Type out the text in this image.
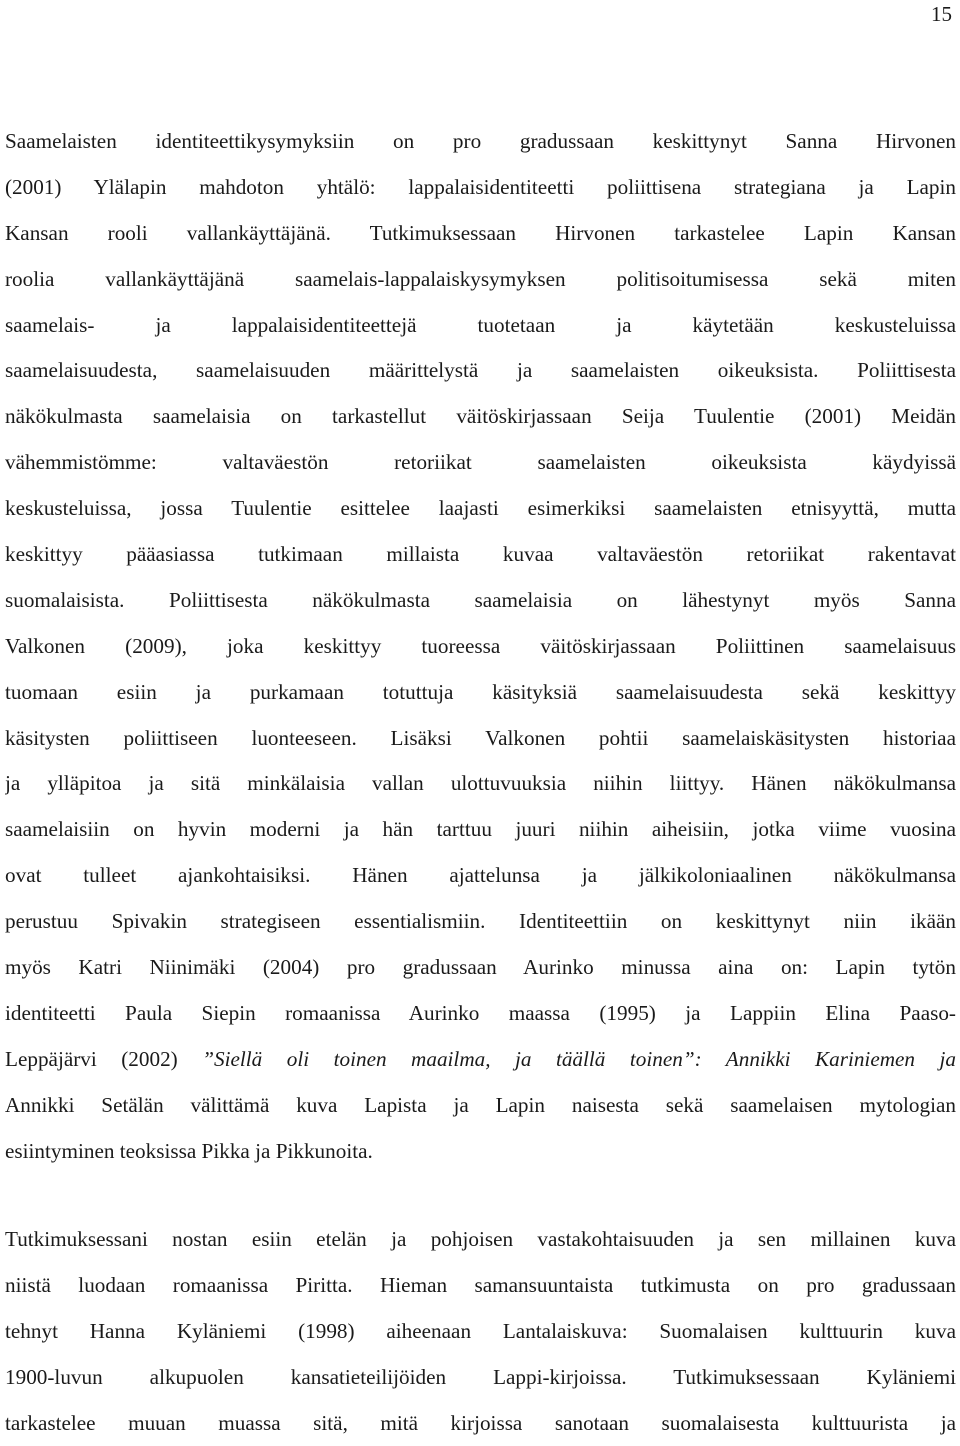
15
Saamelaisten identiteettikysymyksiin on pro gradussaan keskittynyt Sanna Hirvonen
(2001) Ylälapin mahdoton yhtälö: lappalaisidentiteetti poliittisena strategiana ja Lapin
Kansan rooli vallankäyttäjänä. Tutkimuksessaan Hirvonen tarkastelee Lapin Kansan
roolia vallankäyttäjänä saamelais-lappalaiskysymyksen politisoitumisessa sekä miten
saamelais- ja lappalaisidentiteettejä tuotetaan ja käytetään keskusteluissa
saamelaisuudesta, saamelaisuuden määrittelystä ja saamelaisten oikeuksista. Poliittisesta
näkökulmasta saamelaisia on tarkastellut väitöskirjassaan Seija Tuulentie (2001) Meidän
vähemmistömme: valtaväestön retoriikat saamelaisten oikeuksista käydyissä
keskusteluissa, jossa Tuulentie esittelee laajasti esimerkiksi saamelaisten etnisyyttä, mutta
keskittyy pääasiassa tutkimaan millaista kuvaa valtaväestön retoriikat rakentavat
suomalaisista. Poliittisesta näkökulmasta saamelaisia on lähestynyt myös Sanna
Valkonen (2009), joka keskittyy tuoreessa väitöskirjassaan Poliittinen saamelaisuus
tuomaan esiin ja purkamaan totuttuja käsityksiä saamelaisuudesta sekä keskittyy
käsitysten poliittiseen luonteeseen. Lisäksi Valkonen pohtii saamelaiskäsitysten historiaa
ja ylläpitoa ja sitä minkälaisia vallan ulottuvuuksia niihin liittyy. Hänen näkökulmansa
saamelaisiin on hyvin moderni ja hän tarttuu juuri niihin aiheisiin, jotka viime vuosina
ovat tulleet ajankohtaisiksi. Hänen ajattelunsa ja jälkikoloniaalinen näkökulmansa
perustuu Spivakin strategiseen essentialismiin. Identiteettiin on keskittynyt niin ikään
myös Katri Niinimäki (2004) pro gradussaan Aurinko minussa aina on: Lapin tytön
identiteetti Paula Siepin romaanissa Aurinko maassa (1995) ja Lappiin Elina Paaso-
Leppäjärvi (2002) ”Siellä oli toinen maailma, ja täällä toinen”: Annikki Kariniemen ja
Annikki Setälän välittämä kuva Lapista ja Lapin naisesta sekä saamelaisen mytologian
esiintyminen teoksissa Pikka ja Pikkunoita.
Tutkimuksessani nostan esiin etelän ja pohjoisen vastakohtaisuuden ja sen millainen kuva
niistä luodaan romaanissa Piritta. Hieman samansuuntaista tutkimusta on pro gradussaan
tehnyt Hanna Kyläniemi (1998) aiheenaan Lantalaiskuva: Suomalaisen kulttuurin kuva
1900-luvun alkupuolen kansatieteilijöiden Lappi-kirjoissa. Tutkimuksessaan Kyläniemi
tarkastelee muuan muassa sitä, mitä kirjoissa sanotaan suomalaisesta kulttuurista ja
